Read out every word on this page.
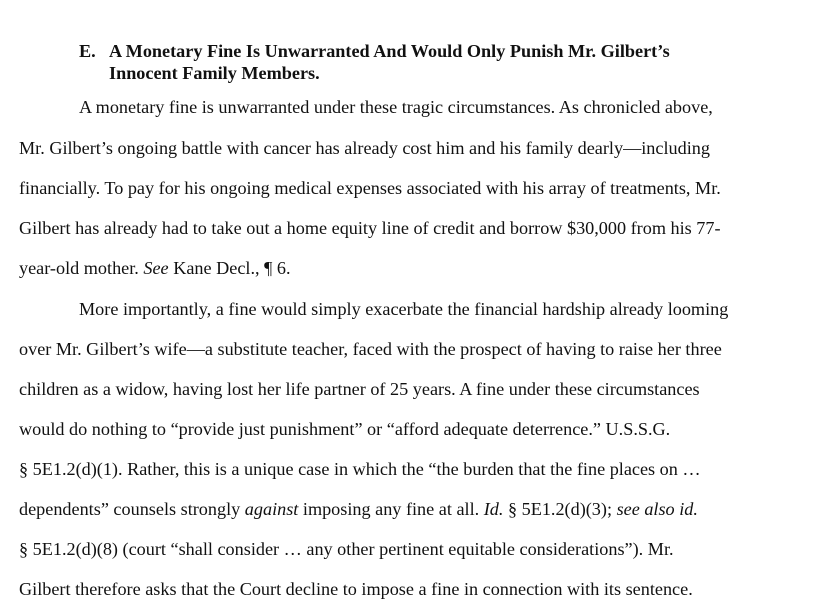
E. A Monetary Fine Is Unwarranted And Would Only Punish Mr. Gilbert’s
Innocent Family Members.
A monetary fine is unwarranted under these tragic circumstances. As chronicled above,
Mr. Gilbert’s ongoing battle with cancer has already cost him and his family dearly—including
financially. To pay for his ongoing medical expenses associated with his array of treatments, Mr.
Gilbert has already had to take out a home equity line of credit and borrow $30,000 from his 77-
year-old mother. See Kane Decl., ¶ 6.
More importantly, a fine would simply exacerbate the financial hardship already looming
over Mr. Gilbert’s wife—a substitute teacher, faced with the prospect of having to raise her three
children as a widow, having lost her life partner of 25 years. A fine under these circumstances
would do nothing to “provide just punishment” or “afford adequate deterrence.” U.S.S.G.
§ 5E1.2(d)(1). Rather, this is a unique case in which the “the burden that the fine places on …
dependents” counsels strongly against imposing any fine at all. Id. § 5E1.2(d)(3); see also id.
§ 5E1.2(d)(8) (court “shall consider … any other pertinent equitable considerations”). Mr.
Gilbert therefore asks that the Court decline to impose a fine in connection with its sentence.
